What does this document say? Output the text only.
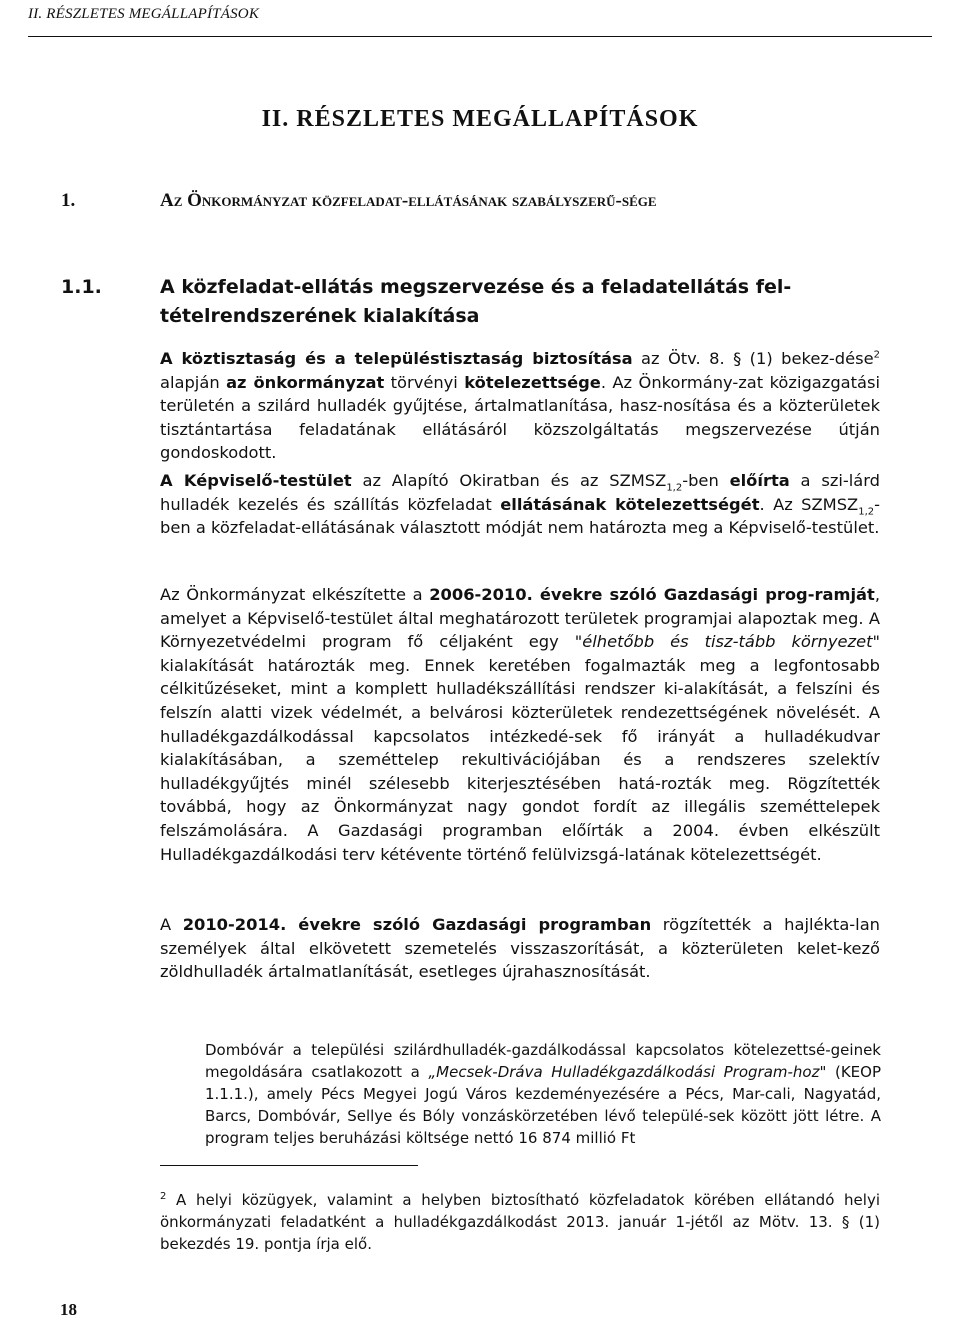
II. RÉSZLETES MEGÁLLAPÍTÁSOK
II. RÉSZLETES MEGÁLLAPÍTÁSOK
1.	Az Önkormányzat közfeladat-ellátásának szabályszerű-sége
1.1.	A közfeladat-ellátás megszervezése és a feladatellátás fel-tételrendszerének kialakítása

A köztisztaság és a településtisztaság biztosítása az Ötv. 8. § (1) bekez-dése$^2$ alapján az önkormányzat törvényi kötelezettsége. Az Önkormány-zat közigazgatási területén a szilárd hulladék gyűjtése, ártalmatlanítása, hasz-nosítása és a közterületek tisztántartása feladatának ellátásáról közszolgáltatás megszervezése útján gondoskodott.

A Képviselő-testület az Alapító Okiratban és az $SZMSZ_{1,2}$-ben előírta a szi-lárd hulladék kezelés és szállítás közfeladat ellátásának kötelezettségét. Az $SZMSZ_{1,2}$-ben a közfeladat-ellátásának választott módját nem határozta meg a Képviselő-testület.

Az Önkormányzat elkészítette a 2006-2010. évekre szóló Gazdasági prog-ramját, amelyet a Képviselő-testület által meghatározott területek programjai alapoztak meg. A Környezetvédelmi program fő céljaként egy "élhetőbb és tisz-tább környezet" kialakítását határozták meg. Ennek keretében fogalmazták meg a legfontosabb célkitűzéseket, mint a komplett hulladékszállítási rendszer ki-alakítását, a felszíni és felszín alatti vizek védelmét, a belvárosi közterületek rendezettségének növelését. A hulladékgazdálkodással kapcsolatos intézkedé-sek fő irányát a hulladékudvar kialakításában, a szeméttelep rekultivációjában és a rendszeres szelektív hulladékgyűjtés minél szélesebb kiterjesztésében hatá-rozták meg. Rögzítették továbbá, hogy az Önkormányzat nagy gondot fordít az illegális szeméttelepek felszámolására. A Gazdasági programban előírták a 2004. évben elkészült Hulladékgazdálkodási terv kétévente történő felülvizsgá-latának kötelezettségét.

A 2010-2014. évekre szóló Gazdasági programban rögzítették a hajlékta-lan személyek által elkövetett szemetelés visszaszorítását, a közterületen kelet-kező zöldhulladék ártalmatlanítását, esetleges újrahasznosítását.

Dombóvár a települési szilárdhulladék-gazdálkodással kapcsolatos kötelezettsé-geinek megoldására csatlakozott a „Mecsek-Dráva Hulladékgazdálkodási Program-hoz" (KEOP 1.1.1.), amely Pécs Megyei Jogú Város kezdeményezésére a Pécs, Mar-cali, Nagyatád, Barcs, Dombóvár, Sellye és Bóly vonzáskörzetében lévő települé-sek között jött létre. A program teljes beruházási költsége nettó 16 874 millió Ft
$^2$ A helyi közügyek, valamint a helyben biztosítható közfeladatok körében ellátandó helyi önkormányzati feladatként a hulladékgazdálkodást 2013. január 1-jétől az Mötv. 13. § (1) bekezdés 19. pontja írja elő.
18
